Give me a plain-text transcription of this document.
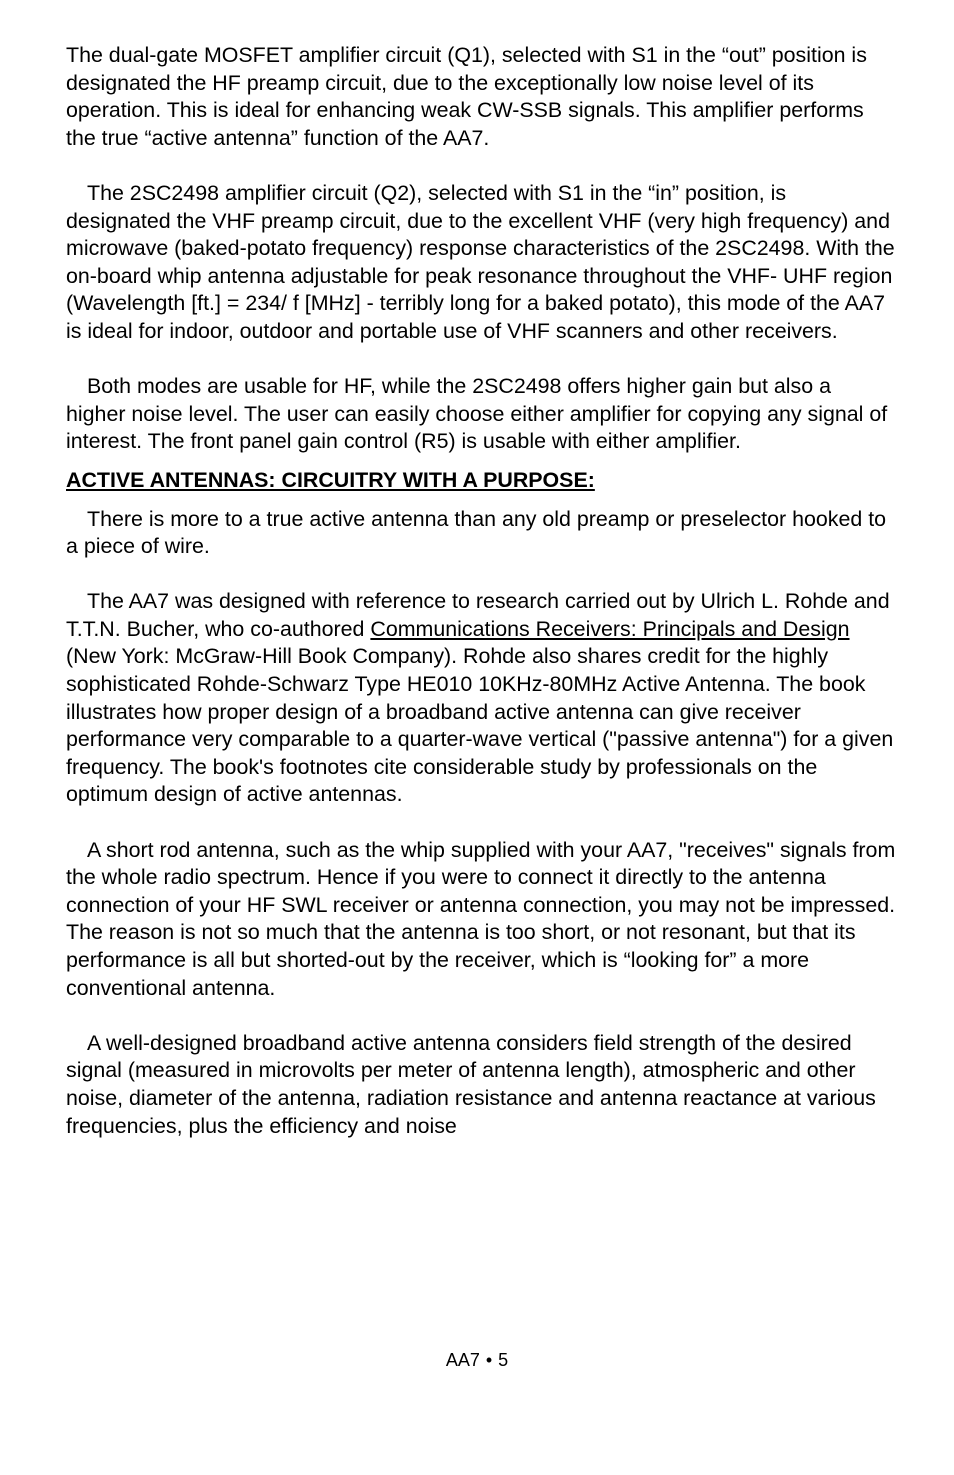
The dual-gate MOSFET amplifier circuit (Q1), selected with S1 in the “out” position is designated the HF preamp circuit, due to the exceptionally low noise level of its operation. This is ideal for enhancing weak CW-SSB signals. This amplifier performs the true “active antenna” function of the AA7.

The 2SC2498 amplifier circuit (Q2), selected with S1 in the “in” position, is designated the VHF preamp circuit, due to the excellent VHF (very high frequency) and microwave (baked-potato frequency) response characteristics of the 2SC2498. With the on-board whip antenna adjustable for peak resonance throughout the VHF- UHF region (Wavelength [ft.] = 234/ f [MHz] - terribly long for a baked potato), this mode of the AA7 is ideal for indoor, outdoor and portable use of VHF scanners and other receivers.

Both modes are usable for HF, while the 2SC2498 offers higher gain but also a higher noise level. The user can easily choose either amplifier for copying any signal of interest. The front panel gain control (R5) is usable with either amplifier.

ACTIVE ANTENNAS: CIRCUITRY WITH A PURPOSE:

There is more to a true active antenna than any old preamp or preselector hooked to a piece of wire.

The AA7 was designed with reference to research carried out by Ulrich L. Rohde and T.T.N. Bucher, who co-authored Communications Receivers: Principals and Design (New York: McGraw-Hill Book Company). Rohde also shares credit for the highly sophisticated Rohde-Schwarz Type HE010 10KHz-80MHz Active Antenna. The book illustrates how proper design of a broadband active antenna can give receiver performance very comparable to a quarter-wave vertical ("passive antenna") for a given frequency. The book's footnotes cite considerable study by professionals on the optimum design of active antennas.

A short rod antenna, such as the whip supplied with your AA7, "receives" signals from the whole radio spectrum. Hence if you were to connect it directly to the antenna connection of your HF SWL receiver or antenna connection, you may not be impressed. The reason is not so much that the antenna is too short, or not resonant, but that its performance is all but shorted-out by the receiver, which is “looking for” a more conventional antenna.

A well-designed broadband active antenna considers field strength of the desired signal (measured in microvolts per meter of antenna length), atmospheric and other noise, diameter of the antenna, radiation resistance and antenna reactance at various frequencies, plus the efficiency and noise

AA7 • 5
